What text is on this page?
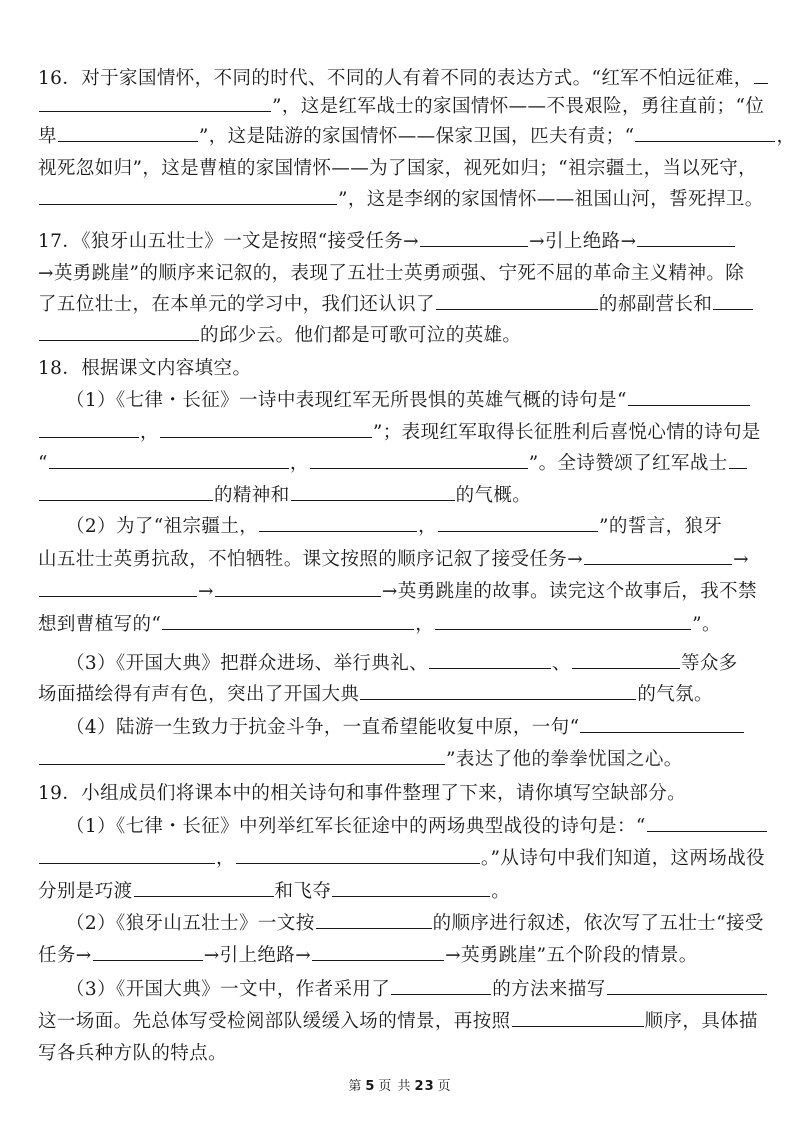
16．对于家国情怀，不同的时代、不同的人有着不同的表达方式。“红军不怕远征难，
”，这是红军战士的家国情怀——不畏艰险，勇往直前；“位
卑	”，这是陆游的家国情怀——保家卫国，匹夫有责；“	，
视死忽如归”，这是曹植的家国情怀——为了国家，视死如归；“祖宗疆土，当以死守，
”，这是李纲的家国情怀——祖国山河，誓死捍卫。
17．《狼牙山五壮士》一文是按照“接受任务→	→引上绝路→
→英勇跳崖”的顺序来记叙的，表现了五壮士英勇顽强、宁死不屈的革命主义精神。除
了五位壮士，在本单元的学习中，我们还认识了	的郝副营长和
的邱少云。他们都是可歌可泣的英雄。
18．根据课文内容填空。
（1）《七律・长征》一诗中表现红军无所畏惧的英雄气概的诗句是“
，	”；表现红军取得长征胜利后喜悦心情的诗句是
“	，	”。全诗赞颂了红军战士
的精神和	的气概。
（2）为了“祖宗疆土，	，	”的誓言，狼牙
山五壮士英勇抗敌，不怕牺牲。课文按照的顺序记叙了接受任务→	→
→	→英勇跳崖的故事。读完这个故事后，我不禁
想到曹植写的“	，	”。
（3）《开国大典》把群众进场、举行典礼、	、	等众多
场面描绘得有声有色，突出了开国大典	的气氛。
（4）陆游一生致力于抗金斗争，一直希望能收复中原，一句“
”表达了他的拳拳忧国之心。
19．小组成员们将课本中的相关诗句和事件整理了下来，请你填写空缺部分。
（1）《七律・长征》中列举红军长征途中的两场典型战役的诗句是：“
，	。”从诗句中我们知道，这两场战役
分别是巧渡	和飞夺	。
（2）《狼牙山五壮士》一文按	的顺序进行叙述，依次写了五壮士“接受
任务→	→引上绝路→	→英勇跳崖”五个阶段的情景。
（3）《开国大典》一文中，作者采用了	的方法来描写
这一场面。先总体写受检阅部队缓缓入场的情景，再按照	顺序，具体描
写各兵种方队的特点。
第 5 页 共 23 页
